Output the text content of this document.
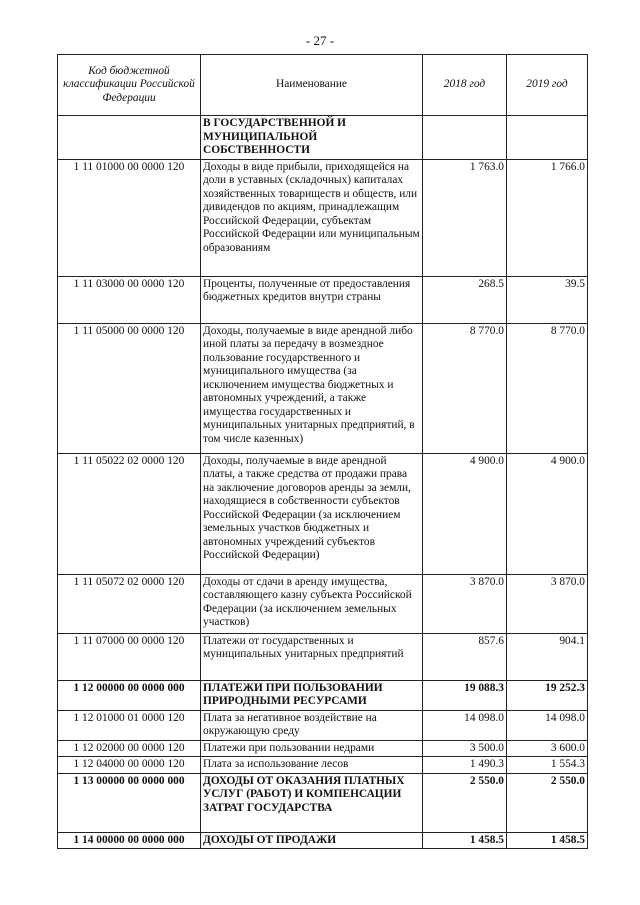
- 27 -
Код бюджетной классификации Российской Федерации	Наименование	2018 год	2019 год
	В ГОСУДАРСТВЕННОЙ И МУНИЦИПАЛЬНОЙ СОБСТВЕННОСТИ		
1 11 01000 00 0000 120	Доходы в виде прибыли, приходящейся на доли в уставных (складочных) капиталах хозяйственных товариществ и обществ, или дивидендов по акциям, принадлежащим Российской Федерации, субъектам Российской Федерации или муниципальным образованиям	1 763.0	1 766.0
1 11 03000 00 0000 120	Проценты, полученные от предоставления бюджетных кредитов внутри страны	268.5	39.5
1 11 05000 00 0000 120	Доходы, получаемые в виде арендной либо иной платы за передачу в возмездное пользование государственного и муниципального имущества (за исключением имущества бюджетных и автономных учреждений, а также имущества государственных и муниципальных унитарных предприятий, в том числе казенных)	8 770.0	8 770.0
1 11 05022 02 0000 120	Доходы, получаемые в виде арендной платы, а также средства от продажи права на заключение договоров аренды за земли, находящиеся в собственности субъектов Российской Федерации (за исключением земельных участков бюджетных и автономных учреждений субъектов Российской Федерации)	4 900.0	4 900.0
1 11 05072 02 0000 120	Доходы от сдачи в аренду имущества, составляющего казну субъекта Российской Федерации (за исключением земельных участков)	3 870.0	3 870.0
1 11 07000 00 0000 120	Платежи от государственных и муниципальных унитарных предприятий	857.6	904.1
1 12 00000 00 0000 000	ПЛАТЕЖИ ПРИ ПОЛЬЗОВАНИИ ПРИРОДНЫМИ РЕСУРСАМИ	19 088.3	19 252.3
1 12 01000 01 0000 120	Плата за негативное воздействие на окружающую среду	14 098.0	14 098.0
1 12 02000 00 0000 120	Платежи при пользовании недрами	3 500.0	3 600.0
1 12 04000 00 0000 120	Плата за использование лесов	1 490.3	1 554.3
1 13 00000 00 0000 000	ДОХОДЫ ОТ ОКАЗАНИЯ ПЛАТНЫХ УСЛУГ (РАБОТ) И КОМПЕНСАЦИИ ЗАТРАТ ГОСУДАРСТВА	2 550.0	2 550.0
1 14 00000 00 0000 000	ДОХОДЫ ОТ ПРОДАЖИ	1 458.5	1 458.5
